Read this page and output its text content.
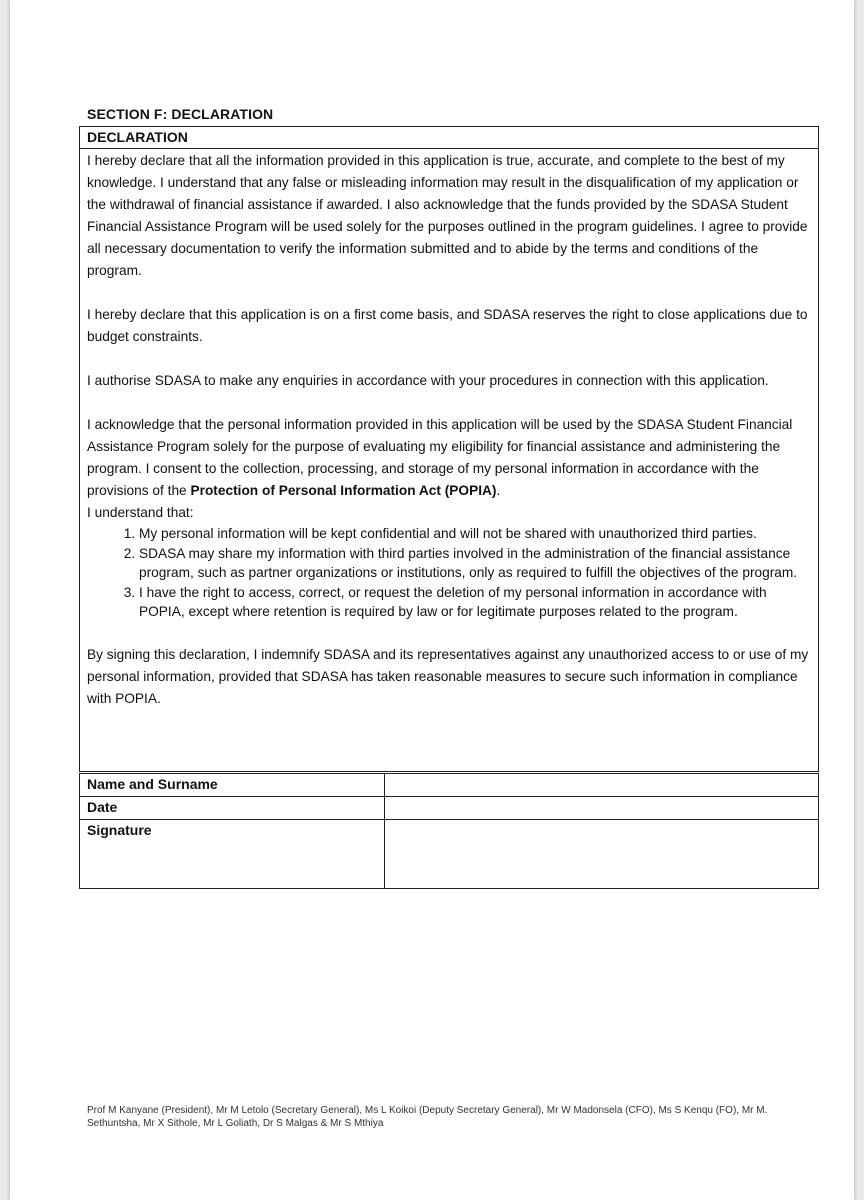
SECTION F: DECLARATION
DECLARATION

I hereby declare that all the information provided in this application is true, accurate, and complete to the best of my knowledge. I understand that any false or misleading information may result in the disqualification of my application or the withdrawal of financial assistance if awarded. I also acknowledge that the funds provided by the SDASA Student Financial Assistance Program will be used solely for the purposes outlined in the program guidelines. I agree to provide all necessary documentation to verify the information submitted and to abide by the terms and conditions of the program.

I hereby declare that this application is on a first come basis, and SDASA reserves the right to close applications due to budget constraints.

I authorise SDASA to make any enquiries in accordance with your procedures in connection with this application.

I acknowledge that the personal information provided in this application will be used by the SDASA Student Financial Assistance Program solely for the purpose of evaluating my eligibility for financial assistance and administering the program. I consent to the collection, processing, and storage of my personal information in accordance with the provisions of the Protection of Personal Information Act (POPIA).

I understand that:

1. My personal information will be kept confidential and will not be shared with unauthorized third parties.
2. SDASA may share my information with third parties involved in the administration of the financial assistance program, such as partner organizations or institutions, only as required to fulfill the objectives of the program.
3. I have the right to access, correct, or request the deletion of my personal information in accordance with POPIA, except where retention is required by law or for legitimate purposes related to the program.

By signing this declaration, I indemnify SDASA and its representatives against any unauthorized access to or use of my personal information, provided that SDASA has taken reasonable measures to secure such information in compliance with POPIA.

Name and Surname	
Date	
Signature	
Prof M Kanyane (President), Mr M Letolo (Secretary General), Ms L Koikoi (Deputy Secretary General), Mr W Madonsela (CFO), Ms S Kenqu (FO), Mr M. Sethuntsha, Mr X Sithole, Mr L Goliath, Dr S Malgas & Mr S Mthiya
